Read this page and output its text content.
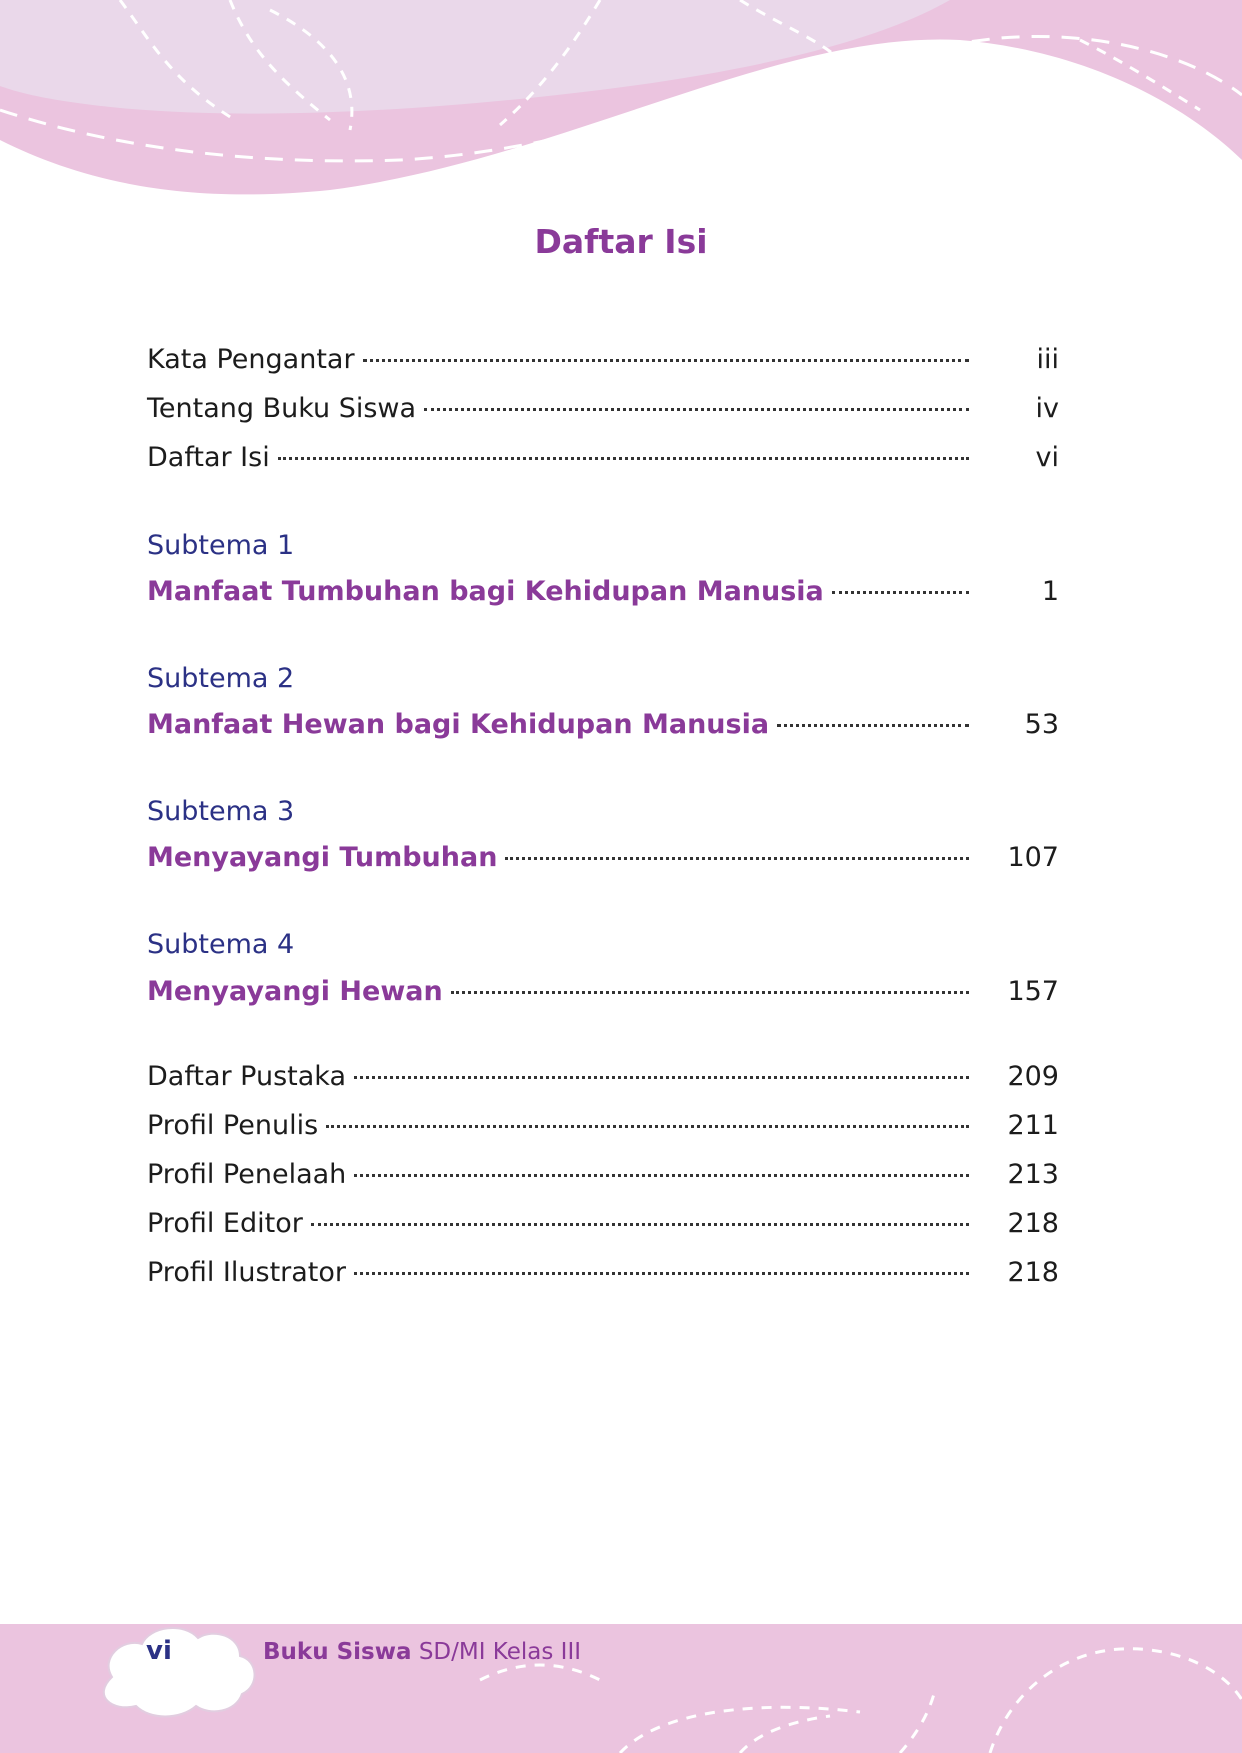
Daftar Isi
Kata Pengantar	iii
Tentang Buku Siswa	iv
Daftar Isi	vi
Subtema 1
Manfaat Tumbuhan bagi Kehidupan Manusia	1
Subtema 2
Manfaat Hewan bagi Kehidupan Manusia	53
Subtema 3
Menyayangi Tumbuhan	107
Subtema 4
Menyayangi Hewan	157
Daftar Pustaka	209
Profil Penulis	211
Profil Penelaah	213
Profil Editor	218
Profil Ilustrator	218
vi	Buku Siswa SD/MI Kelas III
